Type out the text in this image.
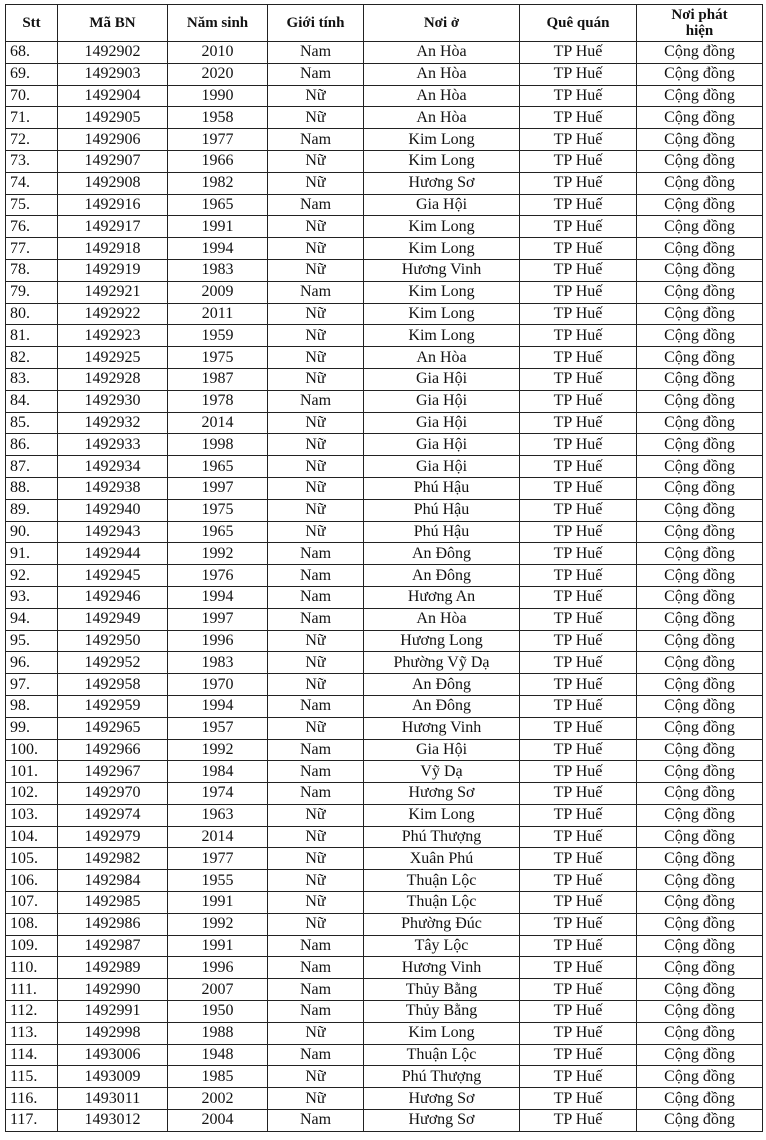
Stt	Mã BN	Năm sinh	Giới tính	Nơi ở	Quê quán	Nơi phát hiện
68.	1492902	2010	Nam	An Hòa	TP Huế	Cộng đồng
69.	1492903	2020	Nam	An Hòa	TP Huế	Cộng đồng
70.	1492904	1990	Nữ	An Hòa	TP Huế	Cộng đồng
71.	1492905	1958	Nữ	An Hòa	TP Huế	Cộng đồng
72.	1492906	1977	Nam	Kim Long	TP Huế	Cộng đồng
73.	1492907	1966	Nữ	Kim Long	TP Huế	Cộng đồng
74.	1492908	1982	Nữ	Hương Sơ	TP Huế	Cộng đồng
75.	1492916	1965	Nam	Gia Hội	TP Huế	Cộng đồng
76.	1492917	1991	Nữ	Kim Long	TP Huế	Cộng đồng
77.	1492918	1994	Nữ	Kim Long	TP Huế	Cộng đồng
78.	1492919	1983	Nữ	Hương Vinh	TP Huế	Cộng đồng
79.	1492921	2009	Nam	Kim Long	TP Huế	Cộng đồng
80.	1492922	2011	Nữ	Kim Long	TP Huế	Cộng đồng
81.	1492923	1959	Nữ	Kim Long	TP Huế	Cộng đồng
82.	1492925	1975	Nữ	An Hòa	TP Huế	Cộng đồng
83.	1492928	1987	Nữ	Gia Hội	TP Huế	Cộng đồng
84.	1492930	1978	Nam	Gia Hội	TP Huế	Cộng đồng
85.	1492932	2014	Nữ	Gia Hội	TP Huế	Cộng đồng
86.	1492933	1998	Nữ	Gia Hội	TP Huế	Cộng đồng
87.	1492934	1965	Nữ	Gia Hội	TP Huế	Cộng đồng
88.	1492938	1997	Nữ	Phú Hậu	TP Huế	Cộng đồng
89.	1492940	1975	Nữ	Phú Hậu	TP Huế	Cộng đồng
90.	1492943	1965	Nữ	Phú Hậu	TP Huế	Cộng đồng
91.	1492944	1992	Nam	An Đông	TP Huế	Cộng đồng
92.	1492945	1976	Nam	An Đông	TP Huế	Cộng đồng
93.	1492946	1994	Nam	Hương An	TP Huế	Cộng đồng
94.	1492949	1997	Nam	An Hòa	TP Huế	Cộng đồng
95.	1492950	1996	Nữ	Hương Long	TP Huế	Cộng đồng
96.	1492952	1983	Nữ	Phường Vỹ Dạ	TP Huế	Cộng đồng
97.	1492958	1970	Nữ	An Đông	TP Huế	Cộng đồng
98.	1492959	1994	Nam	An Đông	TP Huế	Cộng đồng
99.	1492965	1957	Nữ	Hương Vinh	TP Huế	Cộng đồng
100.	1492966	1992	Nam	Gia Hội	TP Huế	Cộng đồng
101.	1492967	1984	Nam	Vỹ Dạ	TP Huế	Cộng đồng
102.	1492970	1974	Nam	Hương Sơ	TP Huế	Cộng đồng
103.	1492974	1963	Nữ	Kim Long	TP Huế	Cộng đồng
104.	1492979	2014	Nữ	Phú Thượng	TP Huế	Cộng đồng
105.	1492982	1977	Nữ	Xuân Phú	TP Huế	Cộng đồng
106.	1492984	1955	Nữ	Thuận Lộc	TP Huế	Cộng đồng
107.	1492985	1991	Nữ	Thuận Lộc	TP Huế	Cộng đồng
108.	1492986	1992	Nữ	Phường Đúc	TP Huế	Cộng đồng
109.	1492987	1991	Nam	Tây Lộc	TP Huế	Cộng đồng
110.	1492989	1996	Nam	Hương Vinh	TP Huế	Cộng đồng
111.	1492990	2007	Nam	Thủy Bằng	TP Huế	Cộng đồng
112.	1492991	1950	Nam	Thủy Bằng	TP Huế	Cộng đồng
113.	1492998	1988	Nữ	Kim Long	TP Huế	Cộng đồng
114.	1493006	1948	Nam	Thuận Lộc	TP Huế	Cộng đồng
115.	1493009	1985	Nữ	Phú Thượng	TP Huế	Cộng đồng
116.	1493011	2002	Nữ	Hương Sơ	TP Huế	Cộng đồng
117.	1493012	2004	Nam	Hương Sơ	TP Huế	Cộng đồng
